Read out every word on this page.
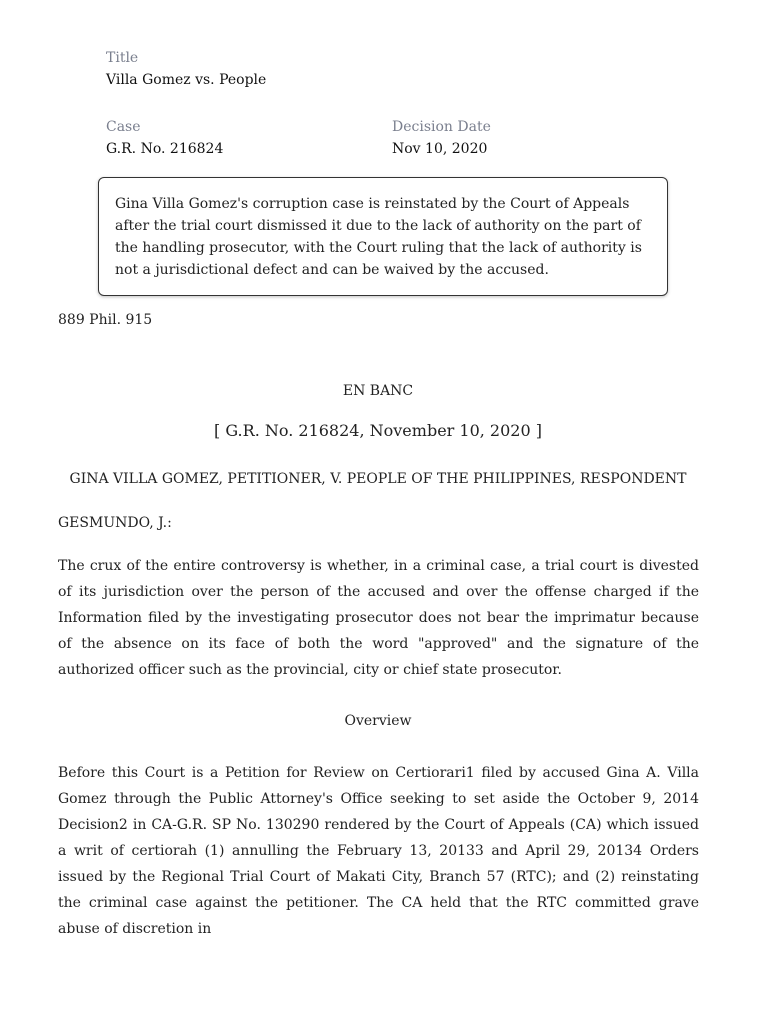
Title
Villa Gomez vs. People
Case
G.R. No. 216824
Decision Date
Nov 10, 2020
Gina Villa Gomez's corruption case is reinstated by the Court of Appeals after the trial court dismissed it due to the lack of authority on the part of the handling prosecutor, with the Court ruling that the lack of authority is not a jurisdictional defect and can be waived by the accused.
889 Phil. 915
EN BANC
[ G.R. No. 216824, November 10, 2020 ]
GINA VILLA GOMEZ, PETITIONER, V. PEOPLE OF THE PHILIPPINES, RESPONDENT
GESMUNDO, J.:
The crux of the entire controversy is whether, in a criminal case, a trial court is divested of its jurisdiction over the person of the accused and over the offense charged if the Information filed by the investigating prosecutor does not bear the imprimatur because of the absence on its face of both the word "approved" and the signature of the authorized officer such as the provincial, city or chief state prosecutor.
Overview
Before this Court is a Petition for Review on Certiorari1 filed by accused Gina A. Villa Gomez through the Public Attorney's Office seeking to set aside the October 9, 2014 Decision2 in CA-G.R. SP No. 130290 rendered by the Court of Appeals (CA) which issued a writ of certiorah (1) annulling the February 13, 20133 and April 29, 20134 Orders issued by the Regional Trial Court of Makati City, Branch 57 (RTC); and (2) reinstating the criminal case against the petitioner. The CA held that the RTC committed grave abuse of discretion in
